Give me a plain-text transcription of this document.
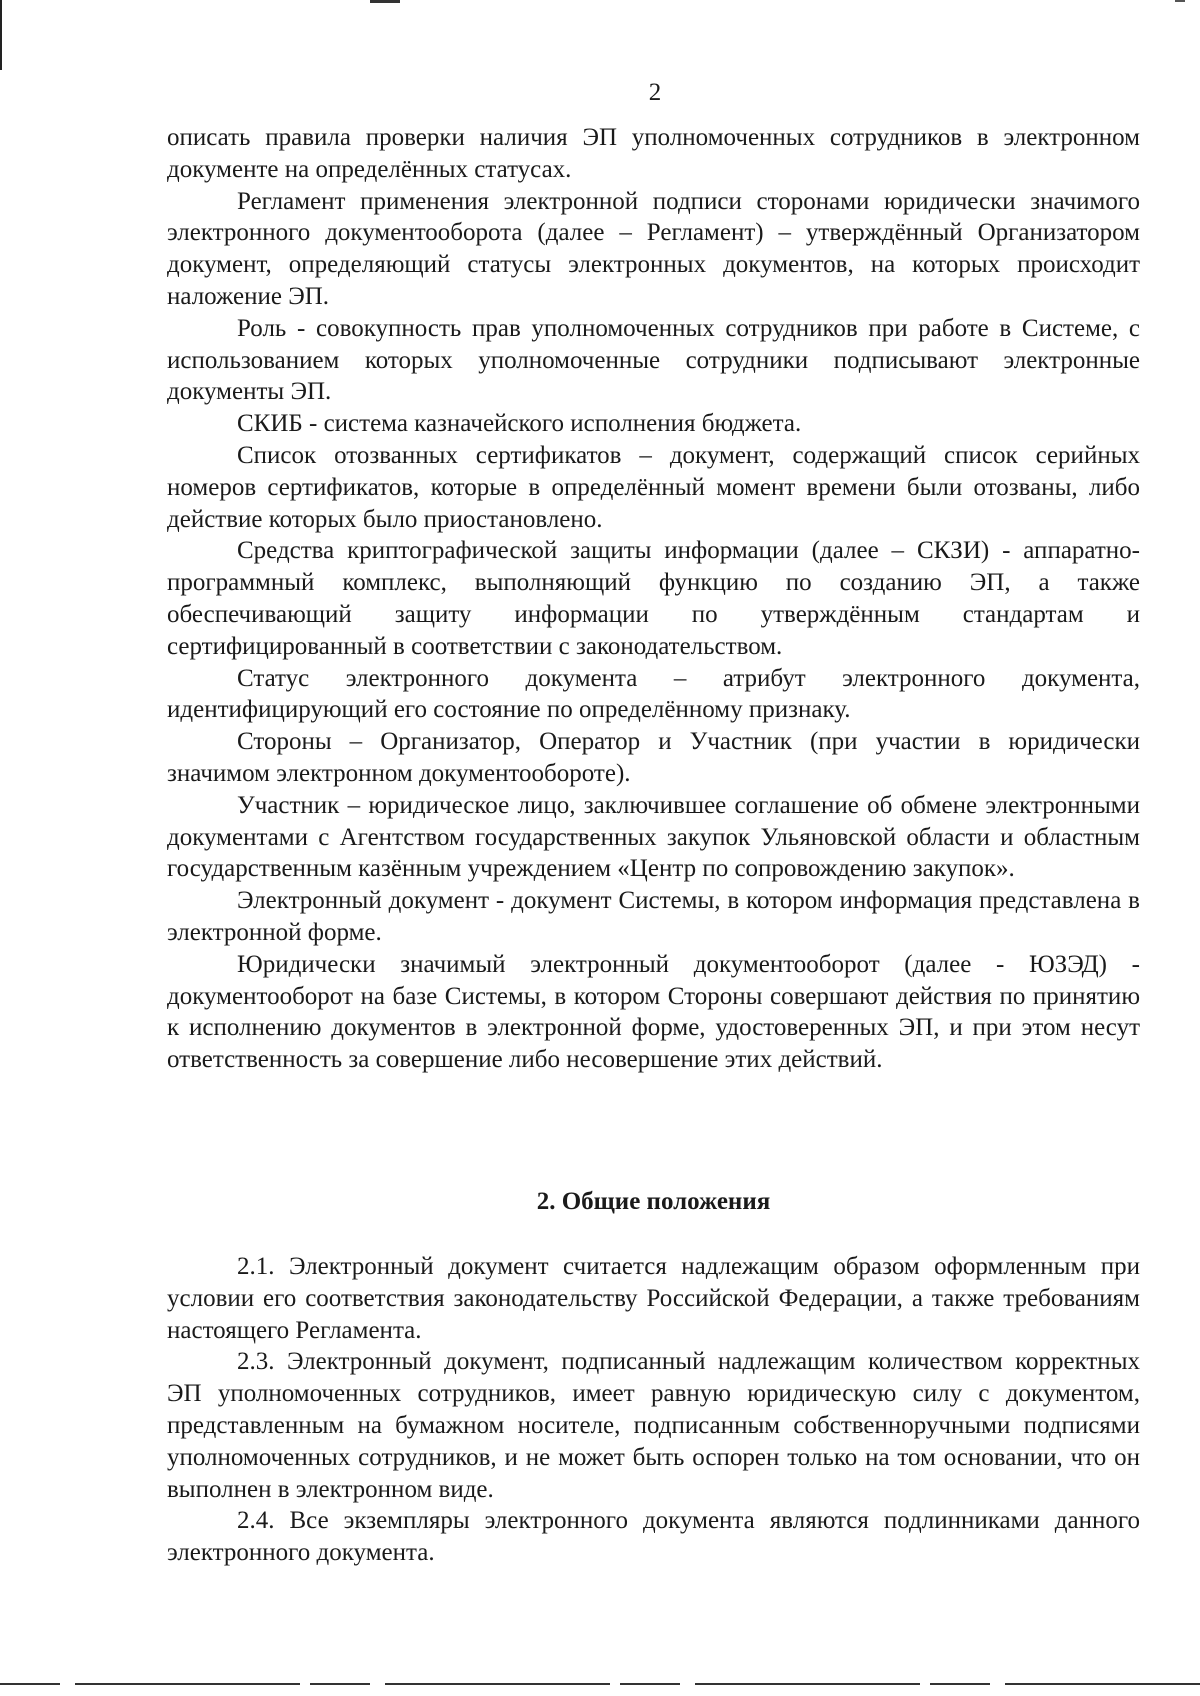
2

описать правила проверки наличия ЭП уполномоченных сотрудников в электронном документе на определённых статусах.

Регламент применения электронной подписи сторонами юридически значимого электронного документооборота (далее – Регламент) – утверждённый Организатором документ, определяющий статусы электронных документов, на которых происходит наложение ЭП.

Роль - совокупность прав уполномоченных сотрудников при работе в Системе, с использованием которых уполномоченные сотрудники подписывают электронные документы ЭП.

СКИБ - система казначейского исполнения бюджета.

Список отозванных сертификатов – документ, содержащий список серийных номеров сертификатов, которые в определённый момент времени были отозваны, либо действие которых было приостановлено.

Средства криптографической защиты информации (далее – СКЗИ) - аппаратно-программный комплекс, выполняющий функцию по созданию ЭП, а также обеспечивающий защиту информации по утверждённым стандартам и сертифицированный в соответствии с законодательством.

Статус электронного документа – атрибут электронного документа, идентифицирующий его состояние по определённому признаку.

Стороны – Организатор, Оператор и Участник (при участии в юридически значимом электронном документообороте).

Участник – юридическое лицо, заключившее соглашение об обмене электронными документами с Агентством государственных закупок Ульяновской области и областным государственным казённым учреждением «Центр по сопровождению закупок».

Электронный документ - документ Системы, в котором информация представлена в электронной форме.

Юридически значимый электронный документооборот (далее - ЮЗЭД) - документооборот на базе Системы, в котором Стороны совершают действия по принятию к исполнению документов в электронной форме, удостоверенных ЭП, и при этом несут ответственность за совершение либо несовершение этих действий.

2. Общие положения

2.1. Электронный документ считается надлежащим образом оформленным при условии его соответствия законодательству Российской Федерации, а также требованиям настоящего Регламента.

2.3. Электронный документ, подписанный надлежащим количеством корректных ЭП уполномоченных сотрудников, имеет равную юридическую силу с документом, представленным на бумажном носителе, подписанным собственноручными подписями уполномоченных сотрудников, и не может быть оспорен только на том основании, что он выполнен в электронном виде.

2.4. Все экземпляры электронного документа являются подлинниками данного электронного документа.
